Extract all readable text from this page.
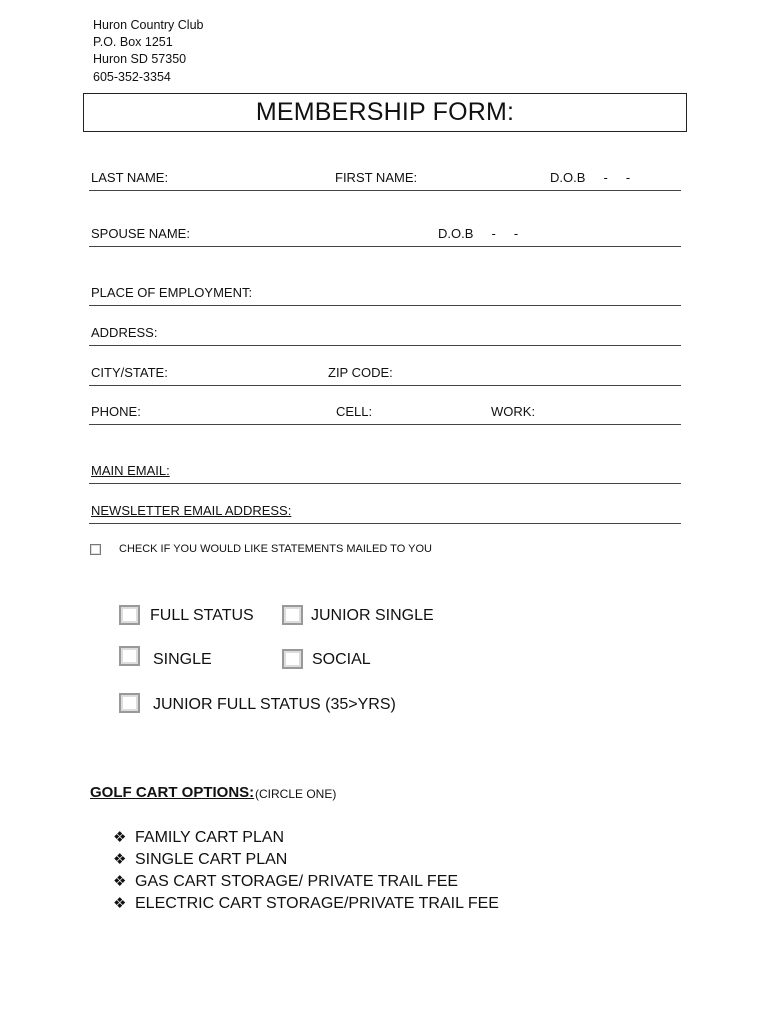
Huron Country Club
P.O. Box 1251
Huron SD 57350
605-352-3354
MEMBERSHIP FORM:
LAST NAME:	FIRST NAME:	D.O.B     -     -
SPOUSE NAME:	D.O.B     -     -
PLACE OF EMPLOYMENT:
ADDRESS:
CITY/STATE:	ZIP CODE:
PHONE:	CELL:	WORK:
MAIN EMAIL:
NEWSLETTER EMAIL ADDRESS:
CHECK IF YOU WOULD LIKE STATEMENTS MAILED TO YOU
FULL STATUS	JUNIOR SINGLE
SINGLE	SOCIAL
JUNIOR FULL STATUS (35>YRS)
GOLF CART OPTIONS: (CIRCLE ONE)
❖ FAMILY CART PLAN
❖ SINGLE CART PLAN
❖ GAS CART STORAGE/ PRIVATE TRAIL FEE
❖ ELECTRIC CART STORAGE/PRIVATE TRAIL FEE
